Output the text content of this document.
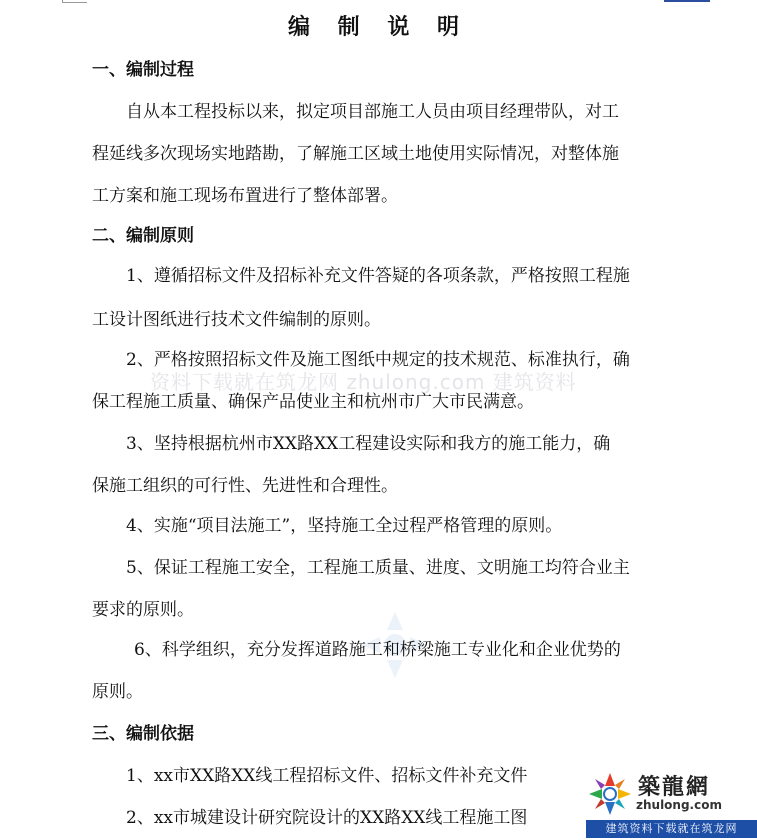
编 制 说 明
资料下载就在筑龙网 zhulong.com 建筑资料
一、编制过程
自从本工程投标以来，拟定项目部施工人员由项目经理带队，对工
程延线多次现场实地踏勘，了解施工区域土地使用实际情况，对整体施
工方案和施工现场布置进行了整体部署。
二、编制原则
1、遵循招标文件及招标补充文件答疑的各项条款，严格按照工程施
工设计图纸进行技术文件编制的原则。
2、严格按照招标文件及施工图纸中规定的技术规范、标准执行，确
保工程施工质量、确保产品使业主和杭州市广大市民满意。
3、坚持根据杭州市XX路XX工程建设实际和我方的施工能力，确
保施工组织的可行性、先进性和合理性。
4、实施“项目法施工”，坚持施工全过程严格管理的原则。
5、保证工程施工安全，工程施工质量、进度、文明施工均符合业主
要求的原则。
6、科学组织，充分发挥道路施工和桥梁施工专业化和企业优势的
原则。
三、编制依据
1、xx市XX路XX线工程招标文件、招标文件补充文件
2、xx市城建设计研究院设计的XX路XX线工程施工图
築龍網
zhulong.com
建筑资料下载就在筑龙网
